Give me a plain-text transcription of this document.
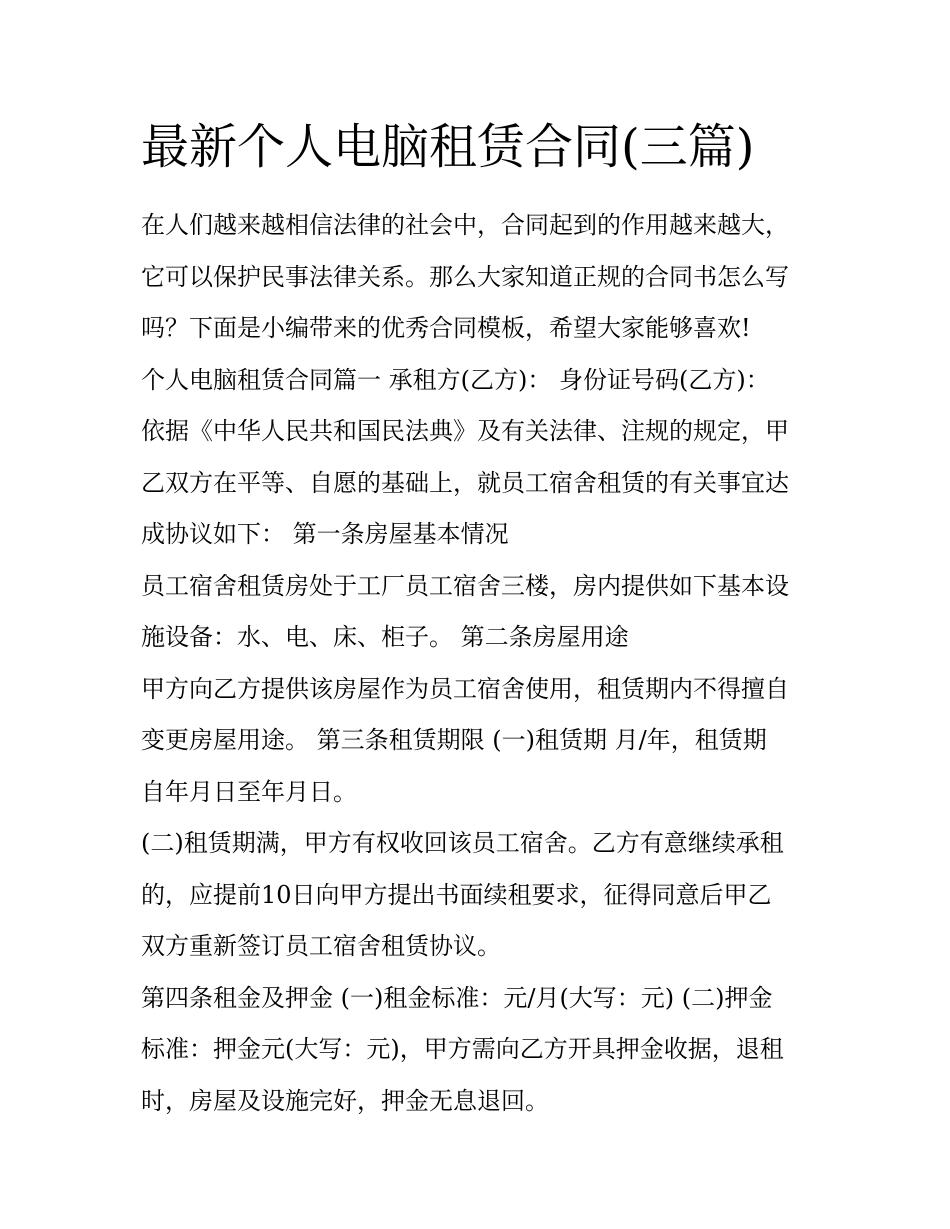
最新个人电脑租赁合同(三篇)
在人们越来越相信法律的社会中，合同起到的作用越来越大，
它可以保护民事法律关系。那么大家知道正规的合同书怎么写
吗？下面是小编带来的优秀合同模板，希望大家能够喜欢!
个人电脑租赁合同篇一 承租方(乙方)： 身份证号码(乙方)：
依据《中华人民共和国民法典》及有关法律、注规的规定，甲
乙双方在平等、自愿的基础上，就员工宿舍租赁的有关事宜达
成协议如下： 第一条房屋基本情况
员工宿舍租赁房处于工厂员工宿舍三楼，房内提供如下基本设
施设备：水、电、床、柜子。 第二条房屋用途
甲方向乙方提供该房屋作为员工宿舍使用，租赁期内不得擅自
变更房屋用途。 第三条租赁期限 (一)租赁期 月/年，租赁期
自年月日至年月日。
(二)租赁期满，甲方有权收回该员工宿舍。乙方有意继续承租
的，应提前10日向甲方提出书面续租要求，征得同意后甲乙
双方重新签订员工宿舍租赁协议。
第四条租金及押金 (一)租金标准：元/月(大写：元) (二)押金
标准：押金元(大写：元)，甲方需向乙方开具押金收据，退租
时，房屋及设施完好，押金无息退回。
